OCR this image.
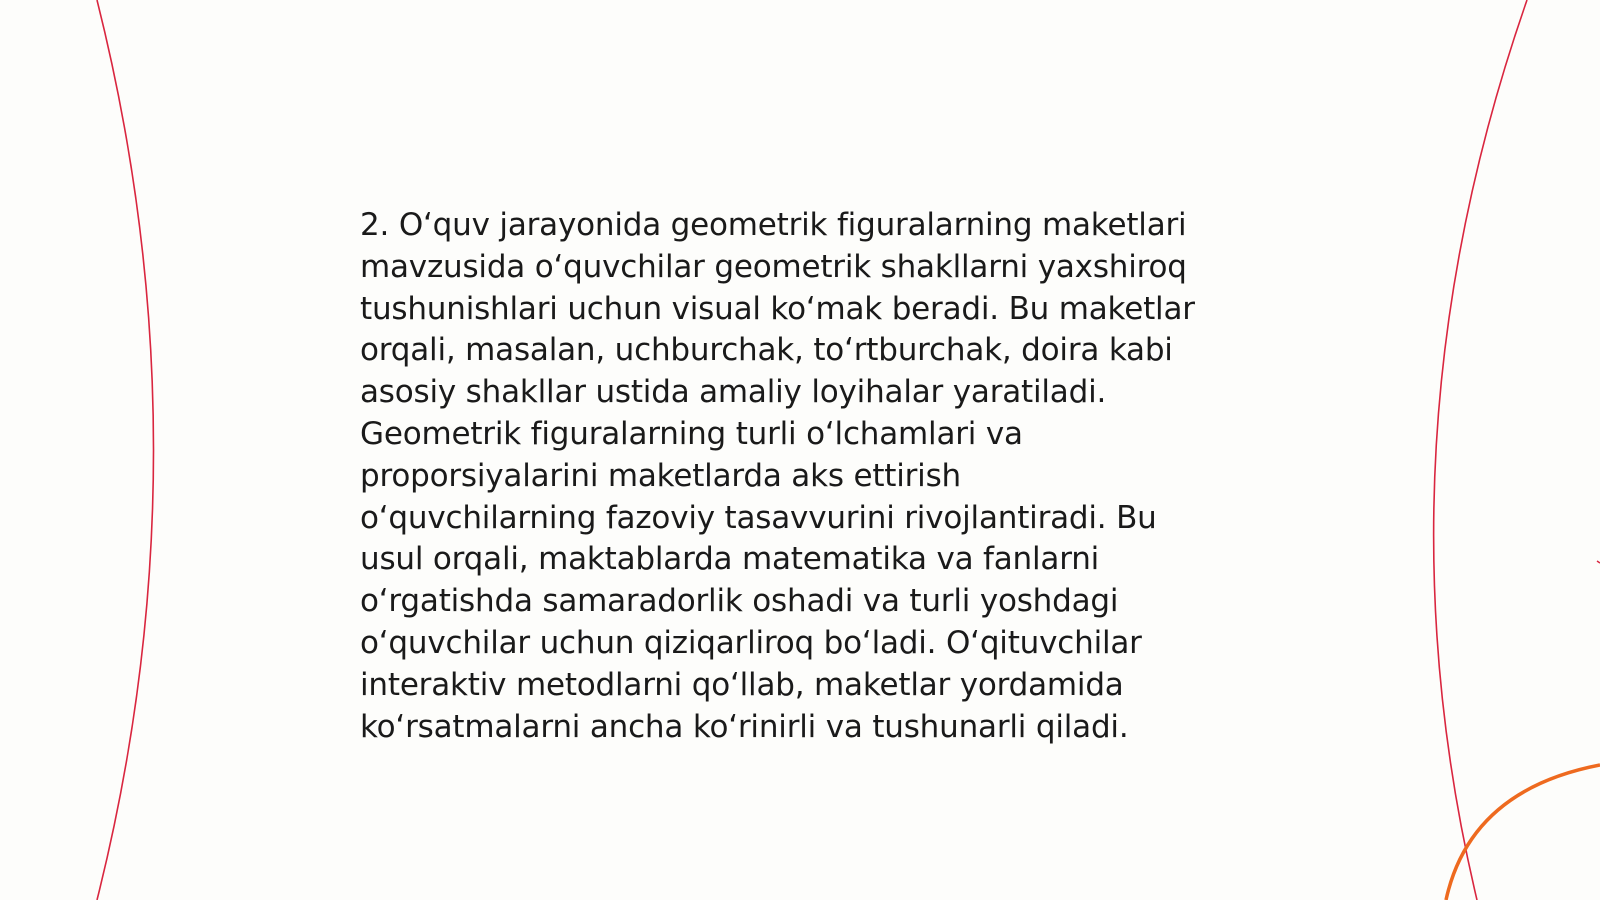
2. O‘quv jarayonida geometrik figuralarning maketlari
mavzusida o‘quvchilar geometrik shakllarni yaxshiroq
tushunishlari uchun visual ko‘mak beradi. Bu maketlar
orqali, masalan, uchburchak, to‘rtburchak, doira kabi
asosiy shakllar ustida amaliy loyihalar yaratiladi.
Geometrik figuralarning turli o‘lchamlari va
proporsiyalarini maketlarda aks ettirish
o‘quvchilarning fazoviy tasavvurini rivojlantiradi. Bu
usul orqali, maktablarda matematika va fanlarni
o‘rgatishda samaradorlik oshadi va turli yoshdagi
o‘quvchilar uchun qiziqarliroq bo‘ladi. O‘qituvchilar
interaktiv metodlarni qo‘llab, maketlar yordamida
ko‘rsatmalarni ancha ko‘rinirli va tushunarli qiladi.
